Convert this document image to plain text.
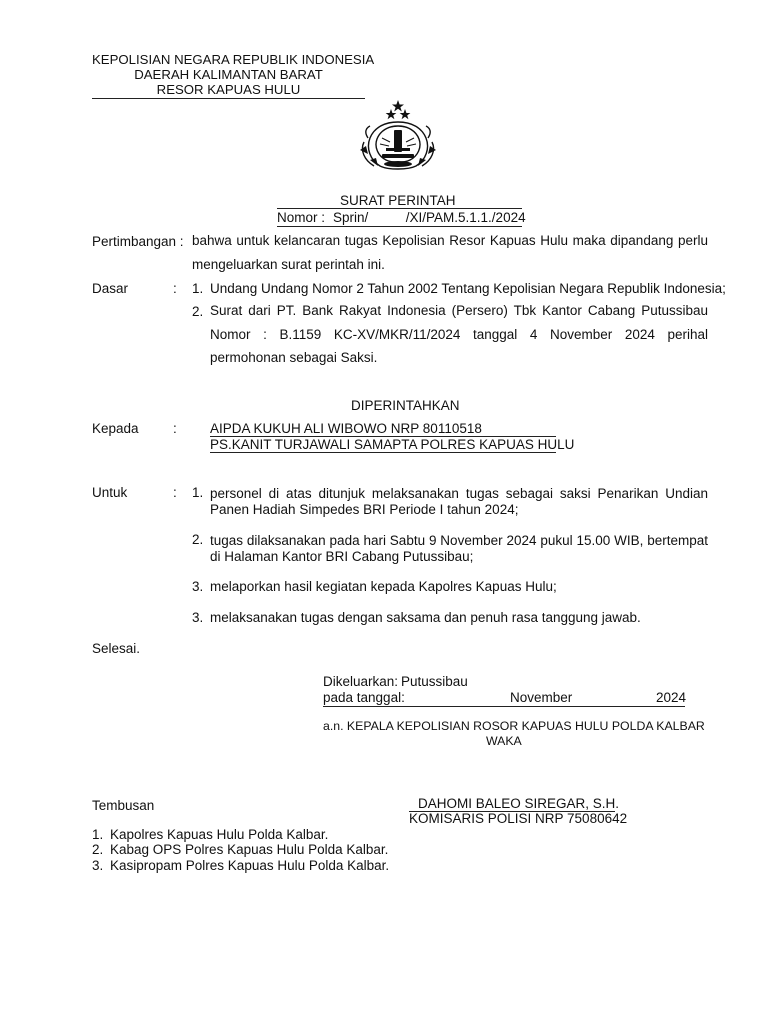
KEPOLISIAN NEGARA REPUBLIK INDONESIA
DAERAH KALIMANTAN BARAT
RESOR KAPUAS HULU
SURAT PERINTAH
Nomor : Sprin/          /XI/PAM.5.1.1./2024
Pertimbangan : bahwa untuk kelancaran tugas Kepolisian Resor Kapuas Hulu maka dipandang perlu mengeluarkan surat perintah ini.
Dasar	: 1. Undang Undang Nomor 2 Tahun 2002 Tentang Kepolisian Negara Republik Indonesia;
2. Surat dari PT. Bank Rakyat Indonesia (Persero) Tbk Kantor Cabang Putussibau Nomor : B.1159 KC-XV/MKR/11/2024 tanggal 4 November 2024 perihal permohonan sebagai Saksi.
DIPERINTAHKAN
Kepada	: AIPDA KUKUH ALI WIBOWO NRP 80110518
PS.KANIT TURJAWALI SAMAPTA POLRES KAPUAS HULU
Untuk	: 1. personel di atas ditunjuk melaksanakan tugas sebagai saksi Penarikan Undian Panen Hadiah Simpedes BRI Periode I tahun 2024;
2. tugas dilaksanakan pada hari Sabtu 9 November 2024 pukul 15.00 WIB, bertempat di Halaman Kantor BRI Cabang Putussibau;
3. melaporkan hasil kegiatan kepada Kapolres Kapuas Hulu;
3. melaksanakan tugas dengan saksama dan penuh rasa tanggung jawab.
Selesai.
Dikeluarkan: Putussibau
pada tanggal:	November	2024
a.n. KEPALA KEPOLISIAN ROSOR KAPUAS HULU POLDA KALBAR
WAKA
DAHOMI BALEO SIREGAR, S.H.
KOMISARIS POLISI NRP 75080642
Tembusan
1. Kapolres Kapuas Hulu Polda Kalbar.
2. Kabag OPS Polres Kapuas Hulu Polda Kalbar.
3. Kasipropam Polres Kapuas Hulu Polda Kalbar.
